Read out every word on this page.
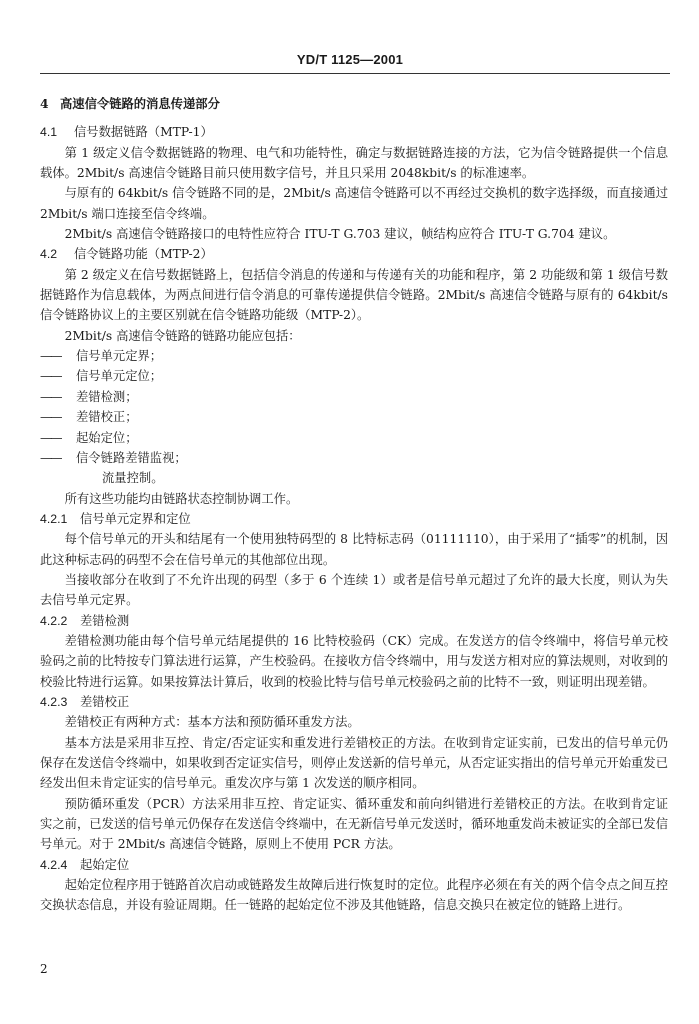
YD/T 1125—2001

4 高速信令链路的消息传递部分

4.1 信号数据链路（MTP-1）

第 1 级定义信令数据链路的物理、电气和功能特性，确定与数据链路连接的方法，它为信令链路提供一个信息载体。2Mbit/s 高速信令链路目前只使用数字信号，并且只采用 2048kbit/s 的标准速率。

与原有的 64kbit/s 信令链路不同的是，2Mbit/s 高速信令链路可以不再经过交换机的数字选择级，而直接通过 2Mbit/s 端口连接至信令终端。

2Mbit/s 高速信令链路接口的电特性应符合 ITU-T G.703 建议，帧结构应符合 ITU-T G.704 建议。

4.2 信令链路功能（MTP-2）

第 2 级定义在信号数据链路上，包括信令消息的传递和与传递有关的功能和程序，第 2 功能级和第 1 级信号数据链路作为信息载体，为两点间进行信令消息的可靠传递提供信令链路。2Mbit/s 高速信令链路与原有的 64kbit/s 信令链路协议上的主要区别就在信令链路功能级（MTP-2）。

2Mbit/s 高速信令链路的链路功能应包括：

—— 信号单元定界；

—— 信号单元定位；

—— 差错检测；

—— 差错校正；

—— 起始定位；

—— 信令链路差错监视；

流量控制。

所有这些功能均由链路状态控制协调工作。

4.2.1 信号单元定界和定位

每个信号单元的开头和结尾有一个使用独特码型的 8 比特标志码（01111110），由于采用了“插零”的机制，因此这种标志码的码型不会在信号单元的其他部位出现。

当接收部分在收到了不允许出现的码型（多于 6 个连续 1）或者是信号单元超过了允许的最大长度，则认为失去信号单元定界。

4.2.2 差错检测

差错检测功能由每个信号单元结尾提供的 16 比特校验码（CK）完成。在发送方的信令终端中，将信号单元校验码之前的比特按专门算法进行运算，产生校验码。在接收方信令终端中，用与发送方相对应的算法规则，对收到的校验比特进行运算。如果按算法计算后，收到的校验比特与信号单元校验码之前的比特不一致，则证明出现差错。

4.2.3 差错校正

差错校正有两种方式：基本方法和预防循环重发方法。

基本方法是采用非互控、肯定/否定证实和重发进行差错校正的方法。在收到肯定证实前，已发出的信号单元仍保存在发送信令终端中，如果收到否定证实信号，则停止发送新的信号单元，从否定证实指出的信号单元开始重发已经发出但未肯定证实的信号单元。重发次序与第 1 次发送的顺序相同。

预防循环重发（PCR）方法采用非互控、肯定证实、循环重发和前向纠错进行差错校正的方法。在收到肯定证实之前，已发送的信号单元仍保存在发送信令终端中，在无新信号单元发送时，循环地重发尚未被证实的全部已发信号单元。对于 2Mbit/s 高速信令链路，原则上不使用 PCR 方法。

4.2.4 起始定位

起始定位程序用于链路首次启动或链路发生故障后进行恢复时的定位。此程序必须在有关的两个信令点之间互控交换状态信息，并设有验证周期。任一链路的起始定位不涉及其他链路，信息交换只在被定位的链路上进行。

2
